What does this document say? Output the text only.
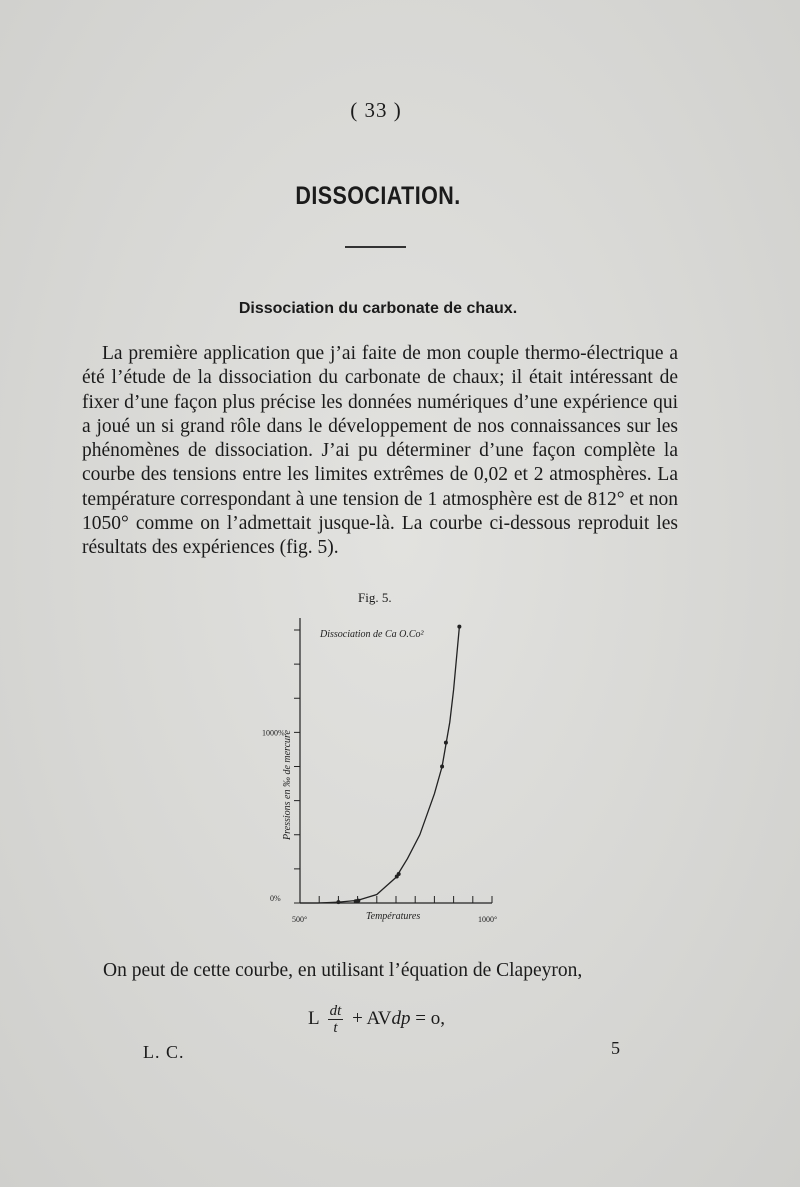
( 33 )
DISSOCIATION.
Dissociation du carbonate de chaux.
La première application que j’ai faite de mon couple thermo-électrique a été l’étude de la dissociation du carbonate de chaux; il était intéressant de fixer d’une façon plus précise les données numériques d’une expérience qui a joué un si grand rôle dans le développement de nos connaissances sur les phénomènes de dissociation. J’ai pu déterminer d’une façon complète la courbe des tensions entre les limites extrêmes de 0,02 et 2 atmosphères. La température correspondant à une tension de 1 atmosphère est de 812° et non 1050° comme on l’admettait jusque-là. La courbe ci-dessous reproduit les résultats des expériences (fig. 5).
Fig. 5.
Dissociation de Ca O.Co²
500°	1000°
Températures
0%
1000%
Pressions en ‰ de mercure
On peut de cette courbe, en utilisant l’équation de Clapeyron,
L $\frac{dt}{t}$ + AVdp = o,
L. C.	5
